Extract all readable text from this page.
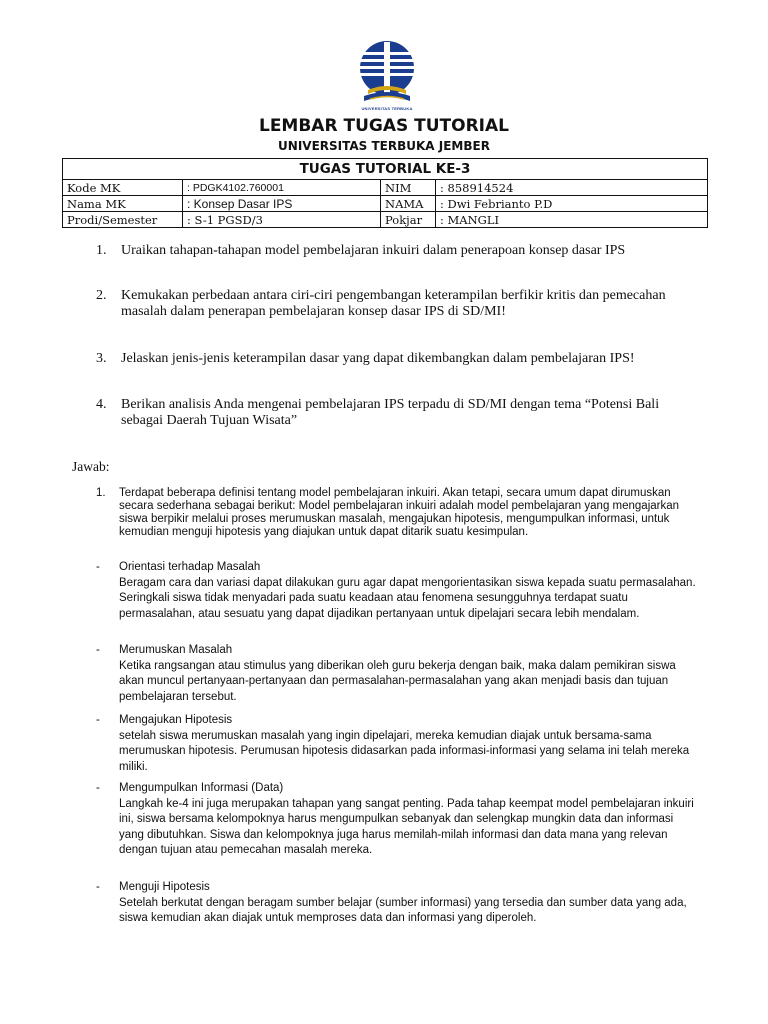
UNIVERSITAS TERBUKA
LEMBAR TUGAS TUTORIAL
UNIVERSITAS TERBUKA JEMBER
TUGAS TUTORIAL KE-3			
Kode MK	: PDGK4102.760001	NIM	: 858914524
Nama MK	: Konsep Dasar IPS	NAMA	: Dwi Febrianto P.D
Prodi/Semester	: S-1 PGSD/3	Pokjar	: MANGLI
1. Uraikan tahapan-tahapan model pembelajaran inkuiri dalam penerapoan konsep dasar IPS
2. Kemukakan perbedaan antara ciri-ciri pengembangan keterampilan berfikir kritis dan pemecahan masalah dalam penerapan pembelajaran konsep dasar IPS di SD/MI!
3. Jelaskan jenis-jenis keterampilan dasar yang dapat dikembangkan dalam pembelajaran IPS!
4. Berikan analisis Anda mengenai pembelajaran IPS terpadu di SD/MI dengan tema “Potensi Bali sebagai Daerah Tujuan Wisata”
Jawab:
1. Terdapat beberapa definisi tentang model pembelajaran inkuiri. Akan tetapi, secara umum dapat dirumuskan secara sederhana sebagai berikut: Model pembelajaran inkuiri adalah model pembelajaran yang mengajarkan siswa berpikir melalui proses merumuskan masalah, mengajukan hipotesis, mengumpulkan informasi, untuk kemudian menguji hipotesis yang diajukan untuk dapat ditarik suatu kesimpulan.
- Orientasi terhadap Masalah
Beragam cara dan variasi dapat dilakukan guru agar dapat mengorientasikan siswa kepada suatu permasalahan. Seringkali siswa tidak menyadari pada suatu keadaan atau fenomena sesungguhnya terdapat suatu permasalahan, atau sesuatu yang dapat dijadikan pertanyaan untuk dipelajari secara lebih mendalam.
- Merumuskan Masalah
Ketika rangsangan atau stimulus yang diberikan oleh guru bekerja dengan baik, maka dalam pemikiran siswa akan muncul pertanyaan-pertanyaan dan permasalahan-permasalahan yang akan menjadi basis dan tujuan pembelajaran tersebut.
- Mengajukan Hipotesis
setelah siswa merumuskan masalah yang ingin dipelajari, mereka kemudian diajak untuk bersama-sama merumuskan hipotesis. Perumusan hipotesis didasarkan pada informasi-informasi yang selama ini telah mereka miliki.
- Mengumpulkan Informasi (Data)
Langkah ke-4 ini juga merupakan tahapan yang sangat penting. Pada tahap keempat model pembelajaran inkuiri ini, siswa bersama kelompoknya harus mengumpulkan sebanyak dan selengkap mungkin data dan informasi yang dibutuhkan. Siswa dan kelompoknya juga harus memilah-milah informasi dan data mana yang relevan dengan tujuan atau pemecahan masalah mereka.
- Menguji Hipotesis
Setelah berkutat dengan beragam sumber belajar (sumber informasi) yang tersedia dan sumber data yang ada, siswa kemudian akan diajak untuk memproses data dan informasi yang diperoleh.
